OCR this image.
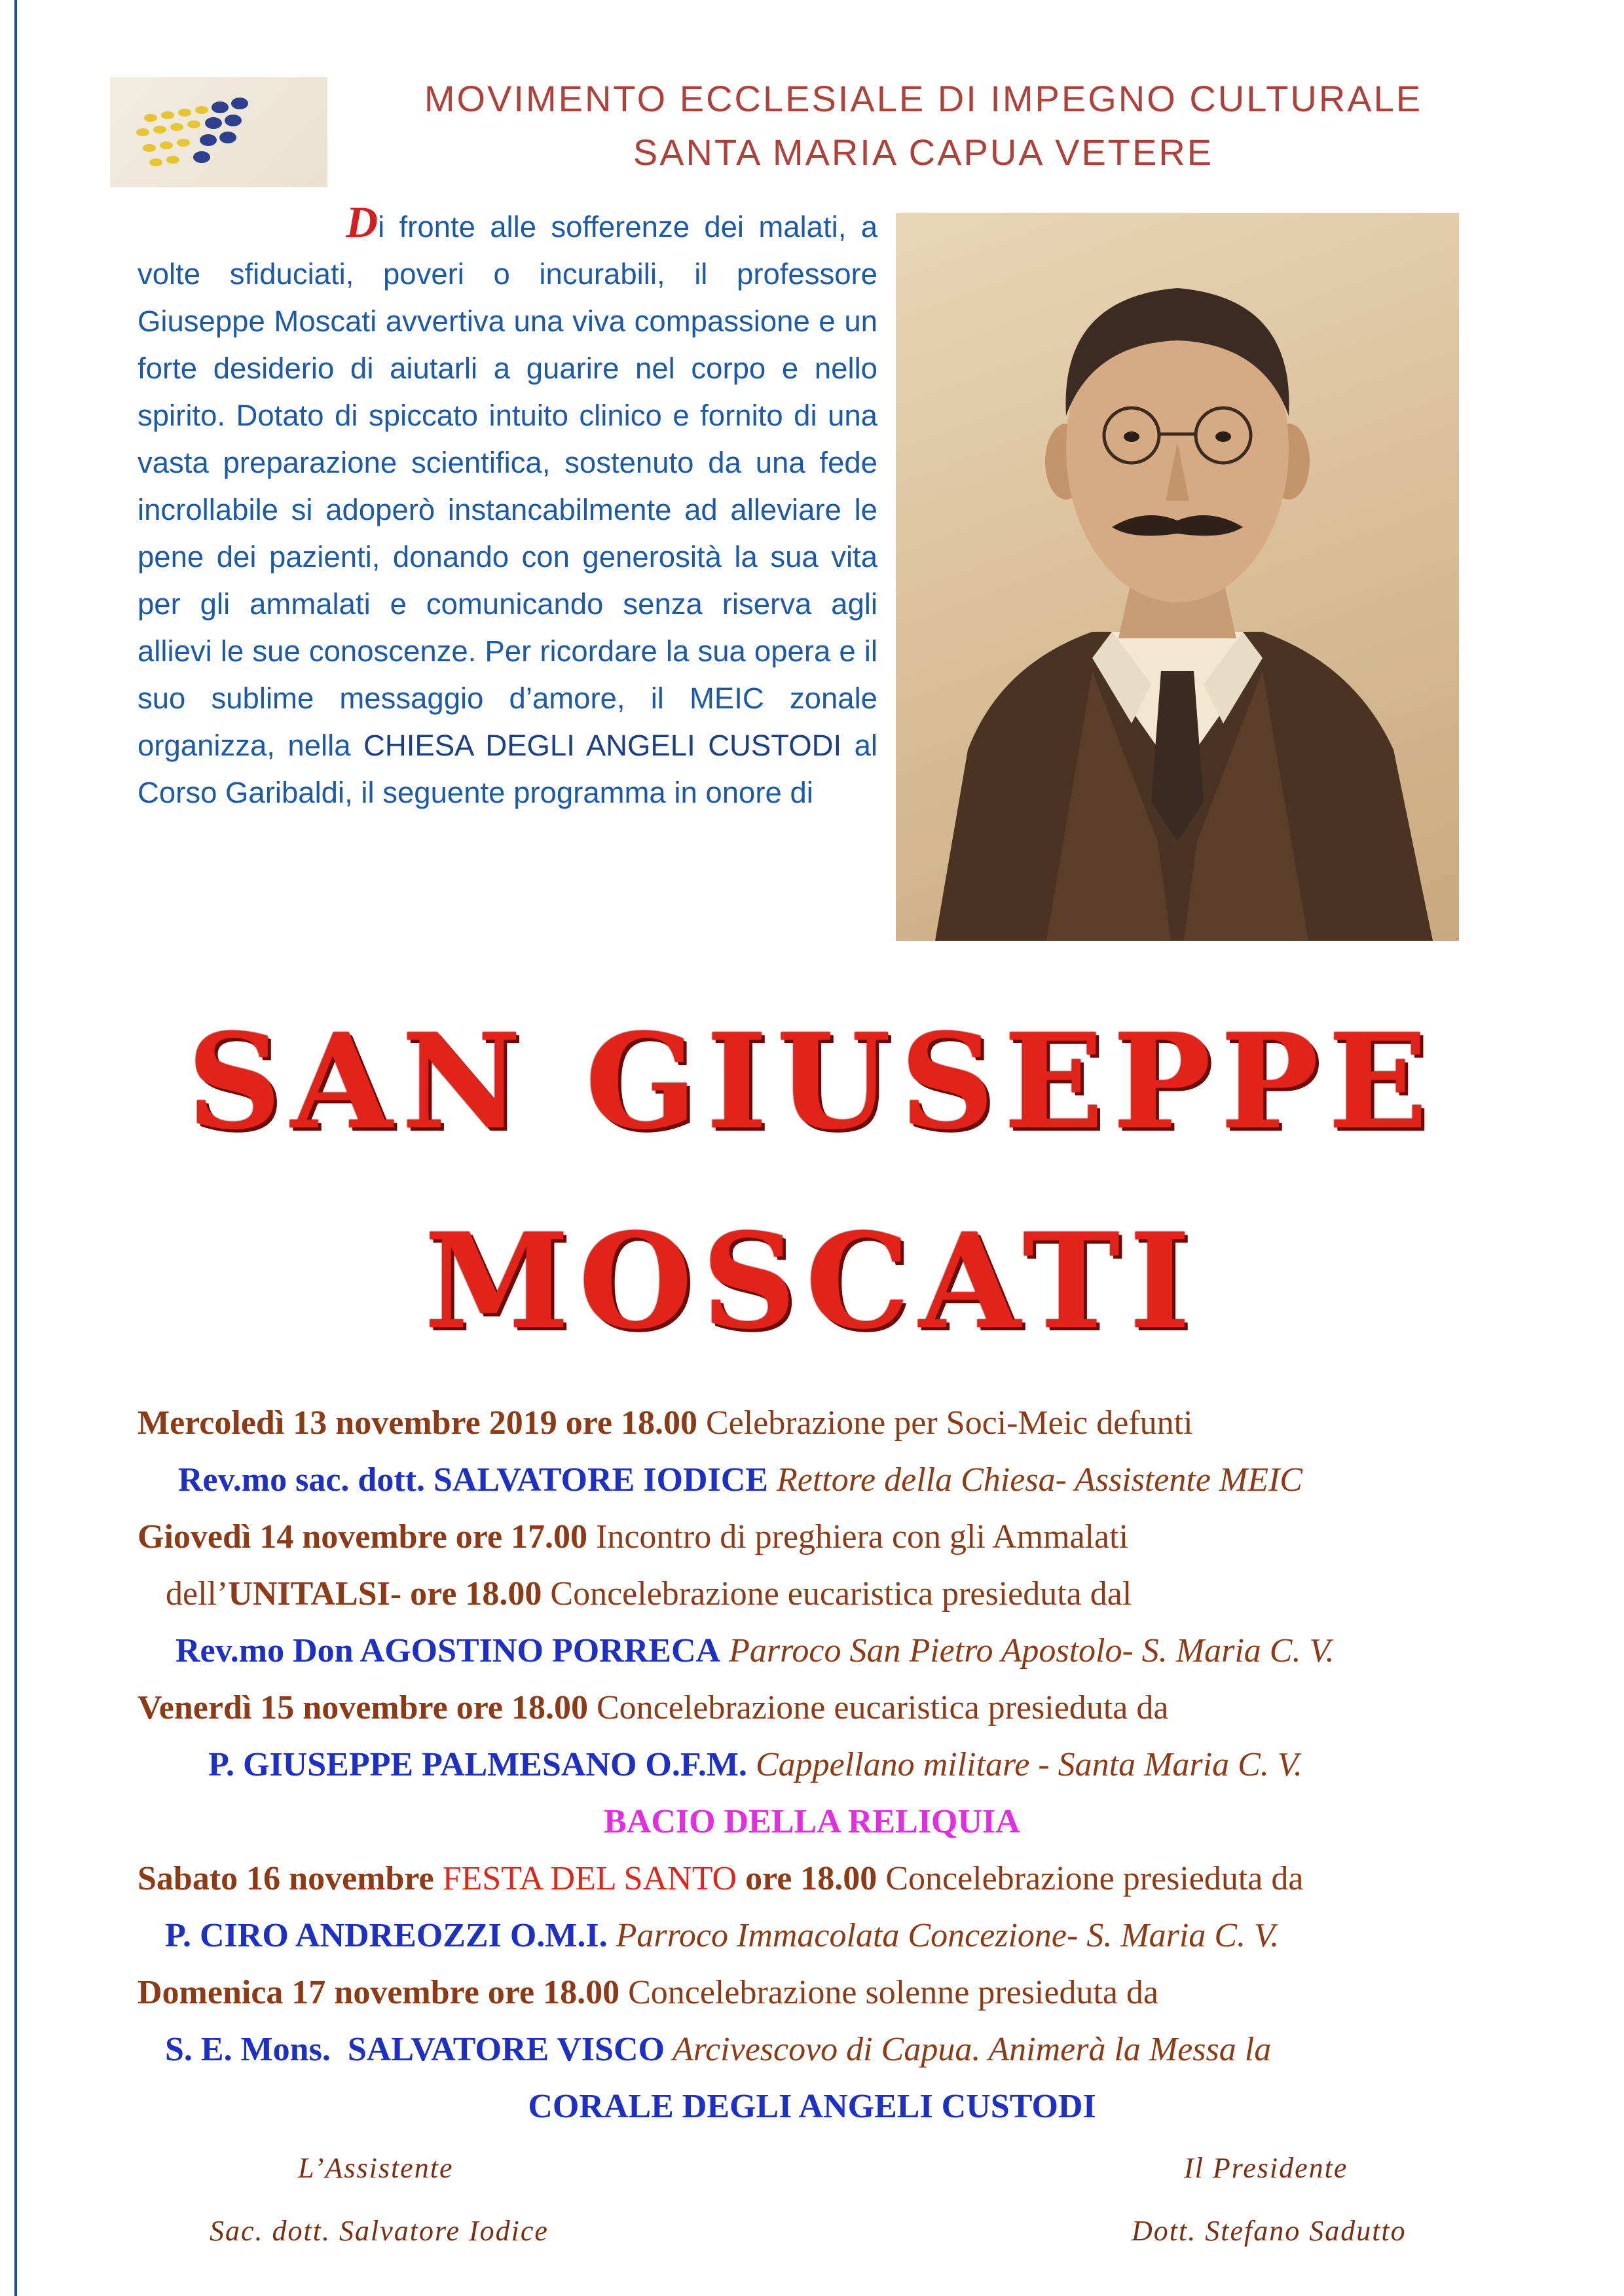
MOVIMENTO ECCLESIALE DI IMPEGNO CULTURALE
SANTA MARIA CAPUA VETERE
Di fronte alle sofferenze dei malati, a volte sfiduciati, poveri o incurabili, il professore Giuseppe Moscati avvertiva una viva compassione e un forte desiderio di aiutarli a guarire nel corpo e nello spirito. Dotato di spiccato intuito clinico e fornito di una vasta preparazione scientifica, sostenuto da una fede incrollabile si adoperò instancabilmente ad alleviare le pene dei pazienti, donando con generosità la sua vita per gli ammalati e comunicando senza riserva agli allievi le sue conoscenze. Per ricordare la sua opera e il suo sublime messaggio d’amore, il MEIC zonale organizza, nella CHIESA DEGLI ANGELI CUSTODI al Corso Garibaldi, il seguente programma in onore di
SAN GIUSEPPE
MOSCATI
Mercoledì 13 novembre 2019 ore 18.00 Celebrazione per Soci-Meic defunti
Rev.mo sac. dott. SALVATORE IODICE Rettore della Chiesa- Assistente MEIC
Giovedì 14 novembre ore 17.00 Incontro di preghiera con gli Ammalati
dell’UNITALSI- ore 18.00 Concelebrazione eucaristica presieduta dal
Rev.mo Don AGOSTINO PORRECA Parroco San Pietro Apostolo- S. Maria C. V.
Venerdì 15 novembre ore 18.00 Concelebrazione eucaristica presieduta da
P. GIUSEPPE PALMESANO O.F.M. Cappellano militare - Santa Maria C. V.
BACIO DELLA RELIQUIA
Sabato 16 novembre FESTA DEL SANTO ore 18.00 Concelebrazione presieduta da
P. CIRO ANDREOZZI O.M.I. Parroco Immacolata Concezione- S. Maria C. V.
Domenica 17 novembre ore 18.00 Concelebrazione solenne presieduta da
S. E. Mons.  SALVATORE VISCO Arcivescovo di Capua. Animerà la Messa la
CORALE DEGLI ANGELI CUSTODI
L’Assistente
Sac. dott. Salvatore Iodice
Il Presidente
Dott. Stefano Sadutto
